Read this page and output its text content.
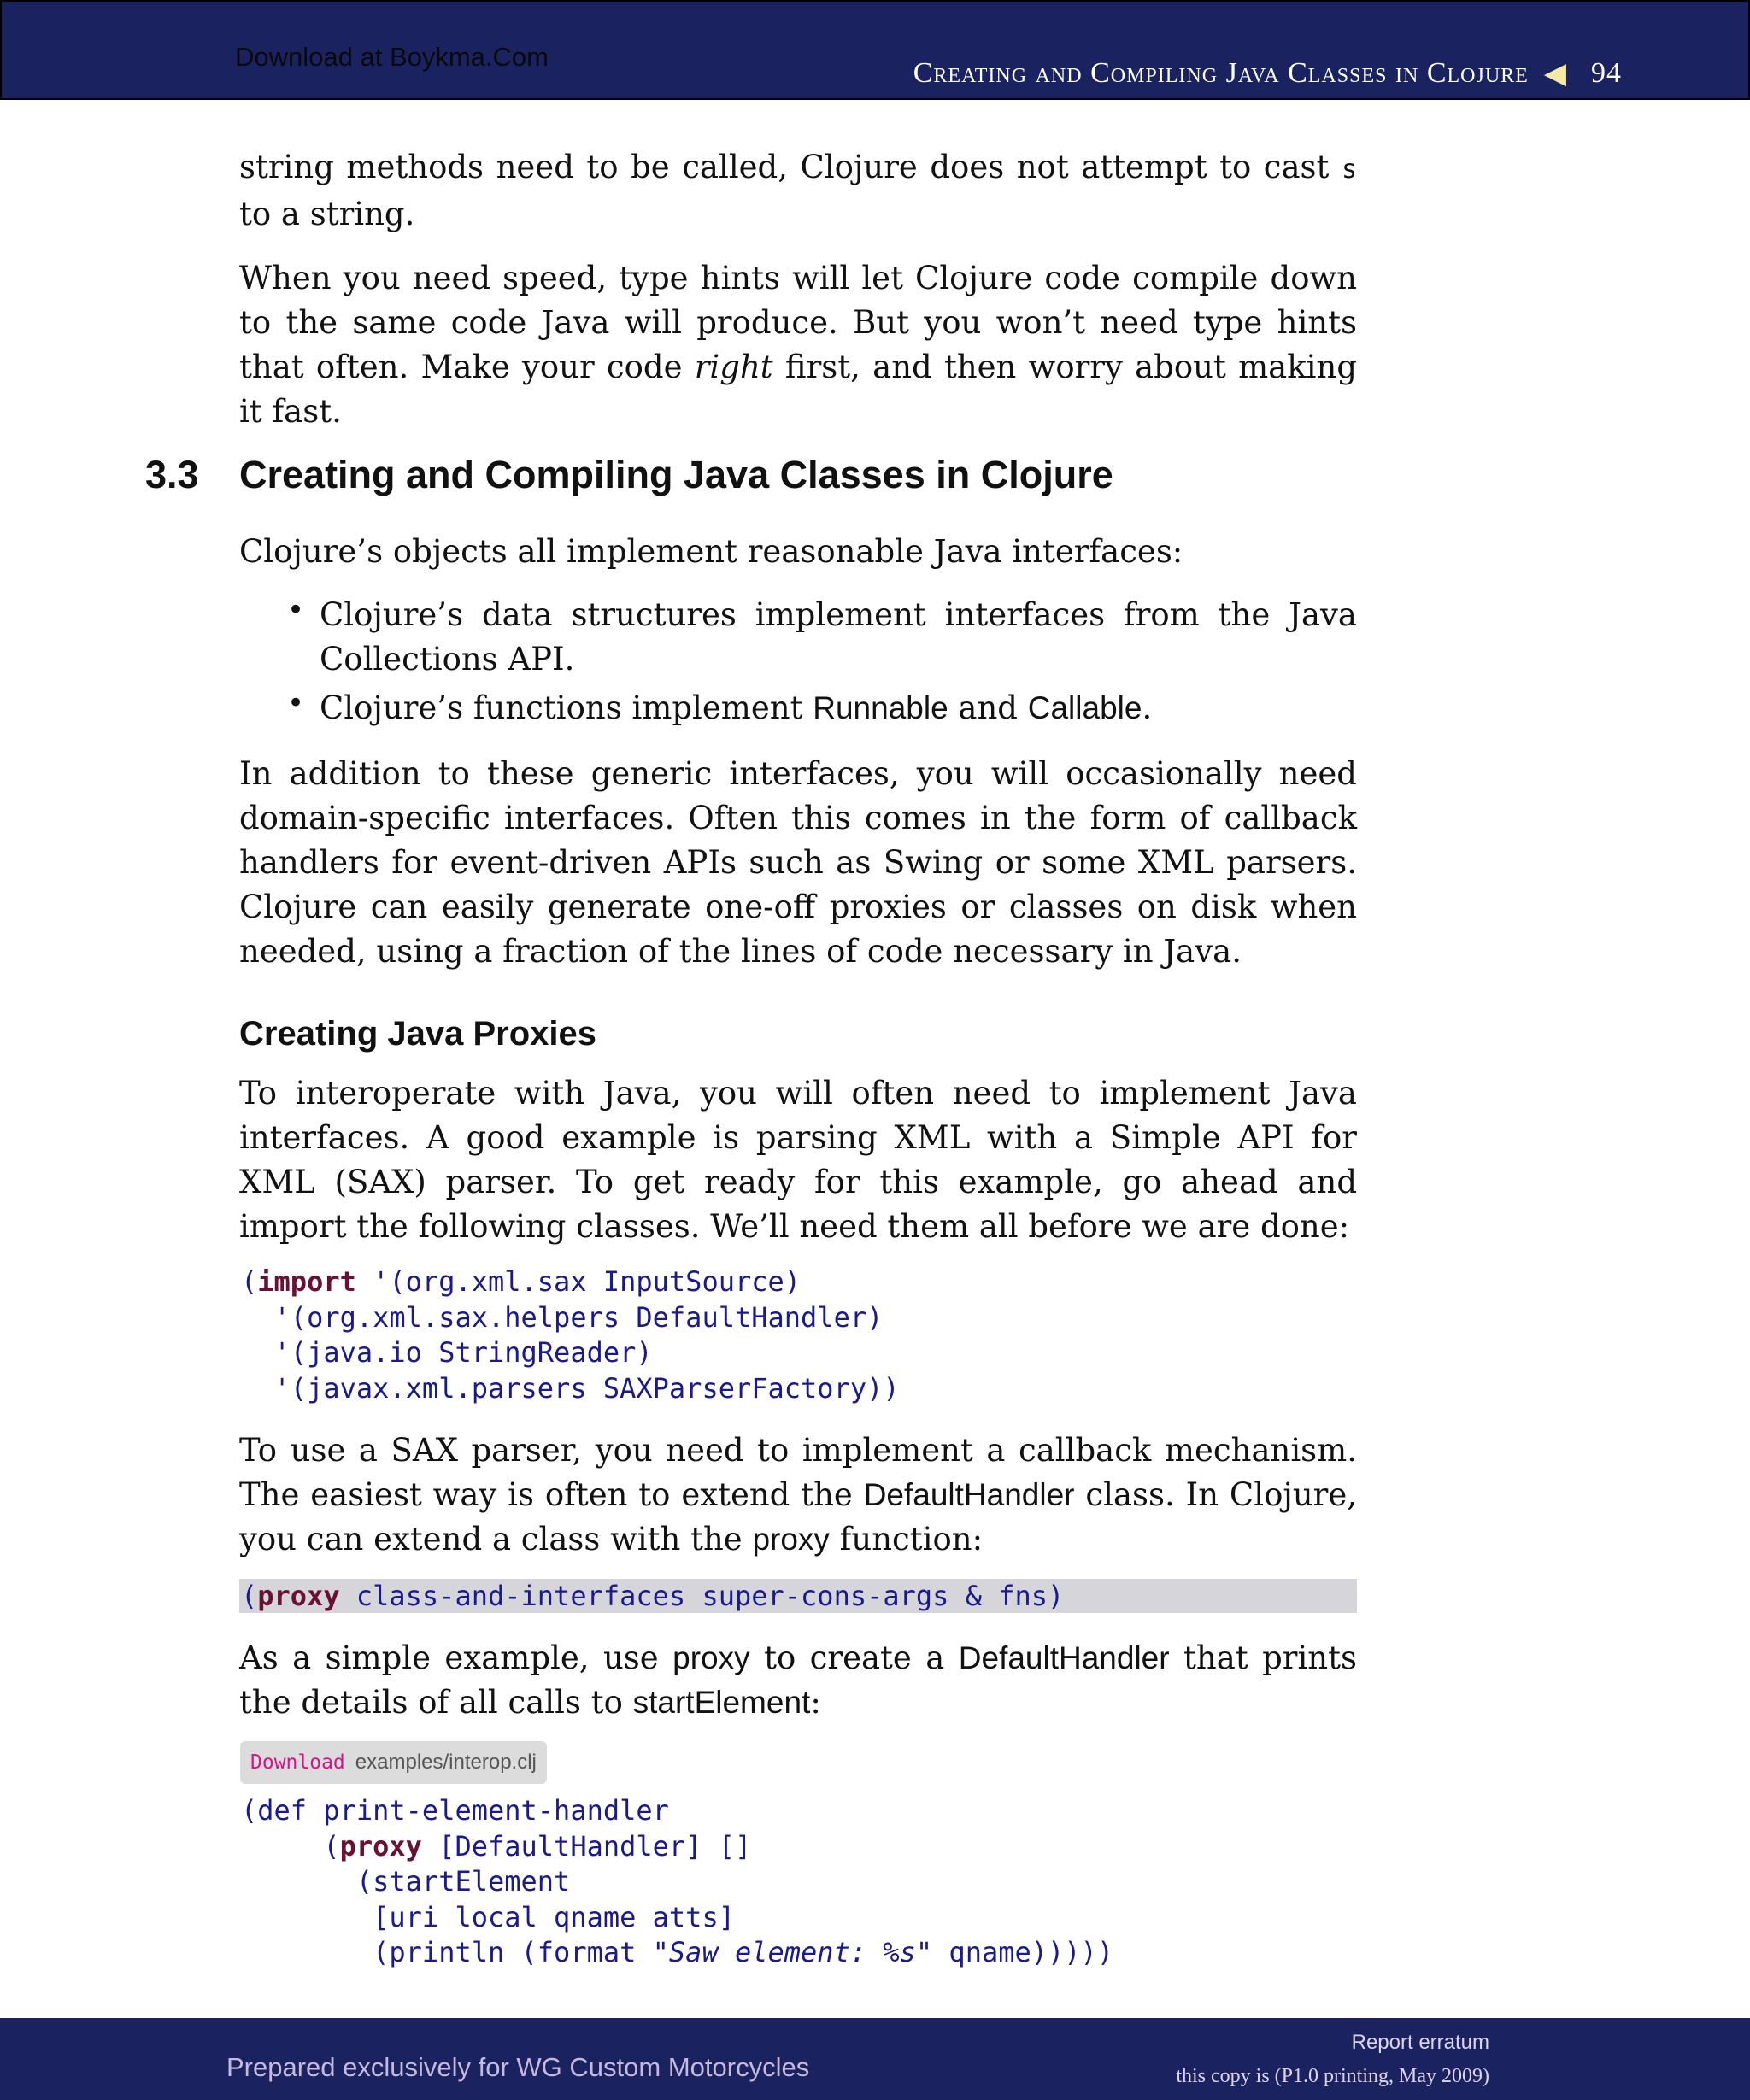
Download at Boykma.Com
Creating and Compiling Java Classes in Clojure ◀ 94

string methods need to be called, Clojure does not attempt to cast s to a string.

When you need speed, type hints will let Clojure code compile down to the same code Java will produce. But you won’t need type hints that often. Make your code right first, and then worry about making it fast.

3.3 Creating and Compiling Java Classes in Clojure

Clojure’s objects all implement reasonable Java interfaces:

• Clojure’s data structures implement interfaces from the Java Collections API.

• Clojure’s functions implement Runnable and Callable.

In addition to these generic interfaces, you will occasionally need domain-specific interfaces. Often this comes in the form of callback handlers for event-driven APIs such as Swing or some XML parsers. Clojure can easily generate one-off proxies or classes on disk when needed, using a fraction of the lines of code necessary in Java.

Creating Java Proxies

To interoperate with Java, you will often need to implement Java interfaces. A good example is parsing XML with a Simple API for XML (SAX) parser. To get ready for this example, go ahead and import the following classes. We’ll need them all before we are done:

(import '(org.xml.sax InputSource)
'(org.xml.sax.helpers DefaultHandler)
'(java.io StringReader)
'(javax.xml.parsers SAXParserFactory))

To use a SAX parser, you need to implement a callback mechanism. The easiest way is often to extend the DefaultHandler class. In Clojure, you can extend a class with the proxy function:

(proxy class-and-interfaces super-cons-args & fns)

As a simple example, use proxy to create a DefaultHandler that prints the details of all calls to startElement:

Download examples/interop.clj
(def print-element-handler
(proxy [DefaultHandler] []
(startElement
[uri local qname atts]
(println (format "Saw element: %s" qname)))))
Prepared exclusively for WG Custom Motorcycles
Report erratum
this copy is (P1.0 printing, May 2009)
